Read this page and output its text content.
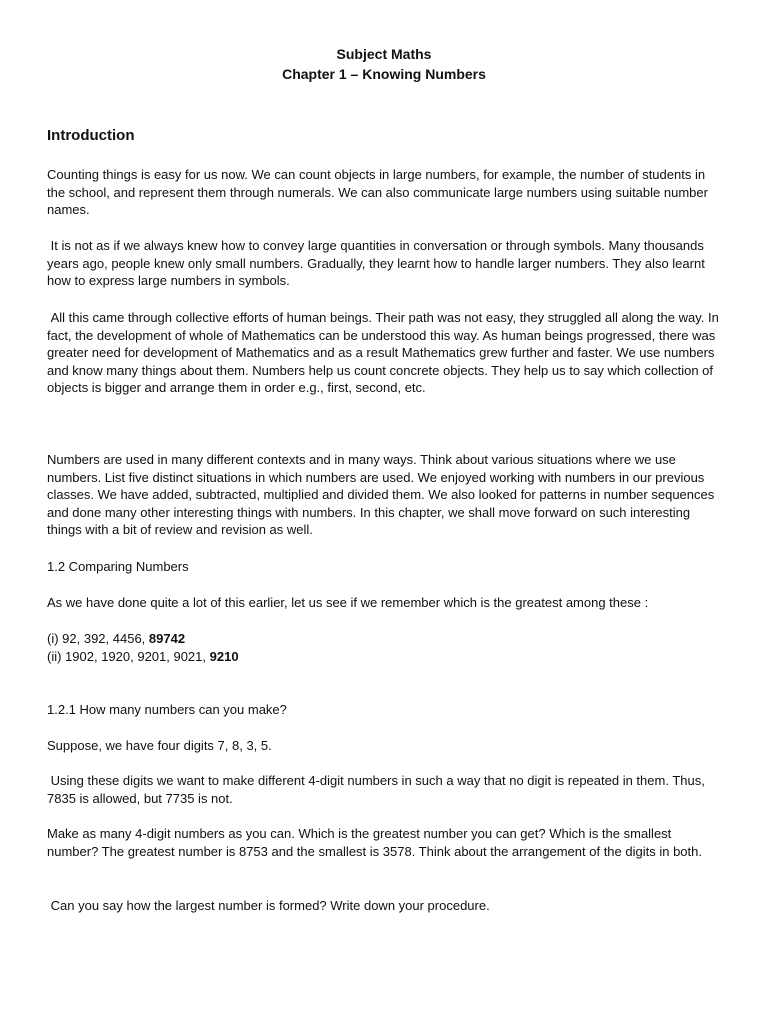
Subject Maths

Chapter 1 – Knowing Numbers

Introduction

Counting things is easy for us now. We can count objects in large numbers, for example, the number of students in the school, and represent them through numerals. We can also communicate large numbers using suitable number names.

It is not as if we always knew how to convey large quantities in conversation or through symbols. Many thousands years ago, people knew only small numbers. Gradually, they learnt how to handle larger numbers. They also learnt how to express large numbers in symbols.

All this came through collective efforts of human beings. Their path was not easy, they struggled all along the way. In fact, the development of whole of Mathematics can be understood this way. As human beings progressed, there was greater need for development of Mathematics and as a result Mathematics grew further and faster. We use numbers and know many things about them. Numbers help us count concrete objects. They help us to say which collection of objects is bigger and arrange them in order e.g., first, second, etc.

Numbers are used in many different contexts and in many ways. Think about various situations where we use numbers. List five distinct situations in which numbers are used. We enjoyed working with numbers in our previous classes. We have added, subtracted, multiplied and divided them. We also looked for patterns in number sequences and done many other interesting things with numbers. In this chapter, we shall move forward on such interesting things with a bit of review and revision as well.

1.2 Comparing Numbers

As we have done quite a lot of this earlier, let us see if we remember which is the greatest among these :

(i) 92, 392, 4456, 89742

(ii) 1902, 1920, 9201, 9021, 9210

1.2.1 How many numbers can you make?

Suppose, we have four digits 7, 8, 3, 5.

Using these digits we want to make different 4-digit numbers in such a way that no digit is repeated in them. Thus, 7835 is allowed, but 7735 is not.

Make as many 4-digit numbers as you can. Which is the greatest number you can get? Which is the smallest number? The greatest number is 8753 and the smallest is 3578. Think about the arrangement of the digits in both.

Can you say how the largest number is formed? Write down your procedure.
